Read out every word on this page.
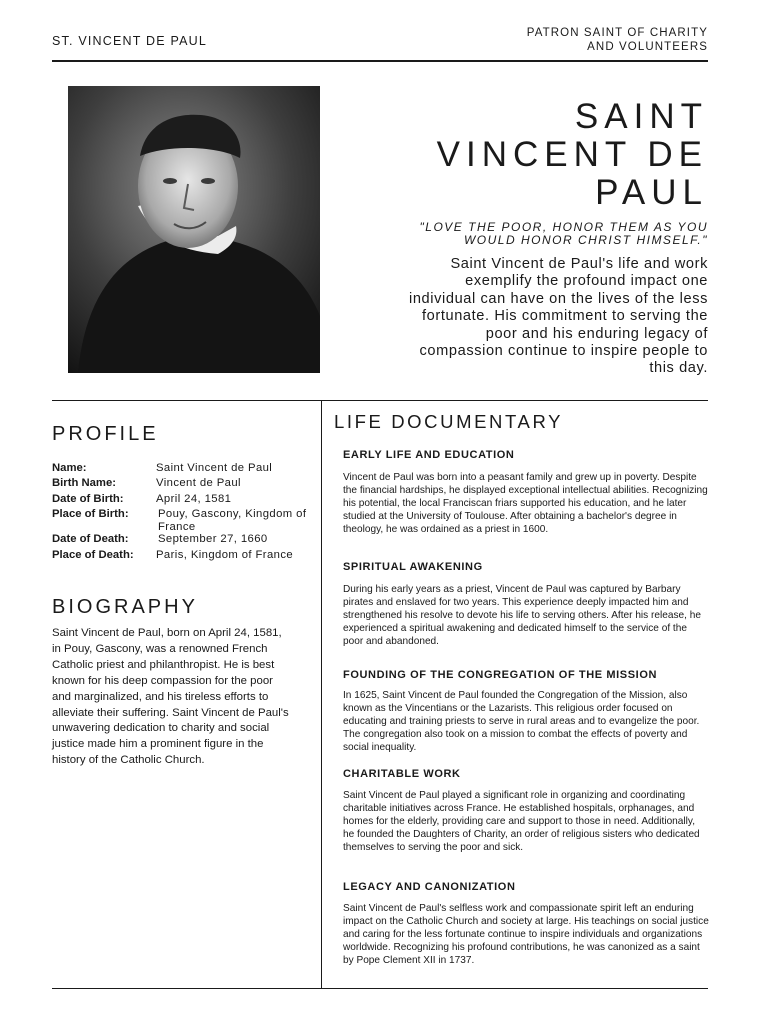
ST. VINCENT DE PAUL
PATRON SAINT OF CHARITY
AND VOLUNTEERS
SAINT
VINCENT DE
PAUL
"LOVE THE POOR, HONOR THEM AS YOU WOULD HONOR CHRIST HIMSELF."
Saint Vincent de Paul's life and work exemplify the profound impact one individual can have on the lives of the less fortunate. His commitment to serving the poor and his enduring legacy of compassion continue to inspire people to this day.
PROFILE
Name:	Saint Vincent de Paul
Birth Name:	Vincent de Paul
Date of Birth:	April 24, 1581
Place of Birth:	Pouy, Gascony, Kingdom of France
Date of Death:	September 27, 1660
Place of Death:	Paris, Kingdom of France
BIOGRAPHY
Saint Vincent de Paul, born on April 24, 1581, in Pouy, Gascony, was a renowned French Catholic priest and philanthropist. He is best known for his deep compassion for the poor and marginalized, and his tireless efforts to alleviate their suffering. Saint Vincent de Paul's unwavering dedication to charity and social justice made him a prominent figure in the history of the Catholic Church.
LIFE DOCUMENTARY
EARLY LIFE AND EDUCATION
Vincent de Paul was born into a peasant family and grew up in poverty. Despite the financial hardships, he displayed exceptional intellectual abilities. Recognizing his potential, the local Franciscan friars supported his education, and he later studied at the University of Toulouse. After obtaining a bachelor's degree in theology, he was ordained as a priest in 1600.
SPIRITUAL AWAKENING
During his early years as a priest, Vincent de Paul was captured by Barbary pirates and enslaved for two years. This experience deeply impacted him and strengthened his resolve to devote his life to serving others. After his release, he experienced a spiritual awakening and dedicated himself to the service of the poor and abandoned.
FOUNDING OF THE CONGREGATION OF THE MISSION
In 1625, Saint Vincent de Paul founded the Congregation of the Mission, also known as the Vincentians or the Lazarists. This religious order focused on educating and training priests to serve in rural areas and to evangelize the poor. The congregation also took on a mission to combat the effects of poverty and social inequality.
CHARITABLE WORK
Saint Vincent de Paul played a significant role in organizing and coordinating charitable initiatives across France. He established hospitals, orphanages, and homes for the elderly, providing care and support to those in need. Additionally, he founded the Daughters of Charity, an order of religious sisters who dedicated themselves to serving the poor and sick.
LEGACY AND CANONIZATION
Saint Vincent de Paul's selfless work and compassionate spirit left an enduring impact on the Catholic Church and society at large. His teachings on social justice and caring for the less fortunate continue to inspire individuals and organizations worldwide. Recognizing his profound contributions, he was canonized as a saint by Pope Clement XII in 1737.
